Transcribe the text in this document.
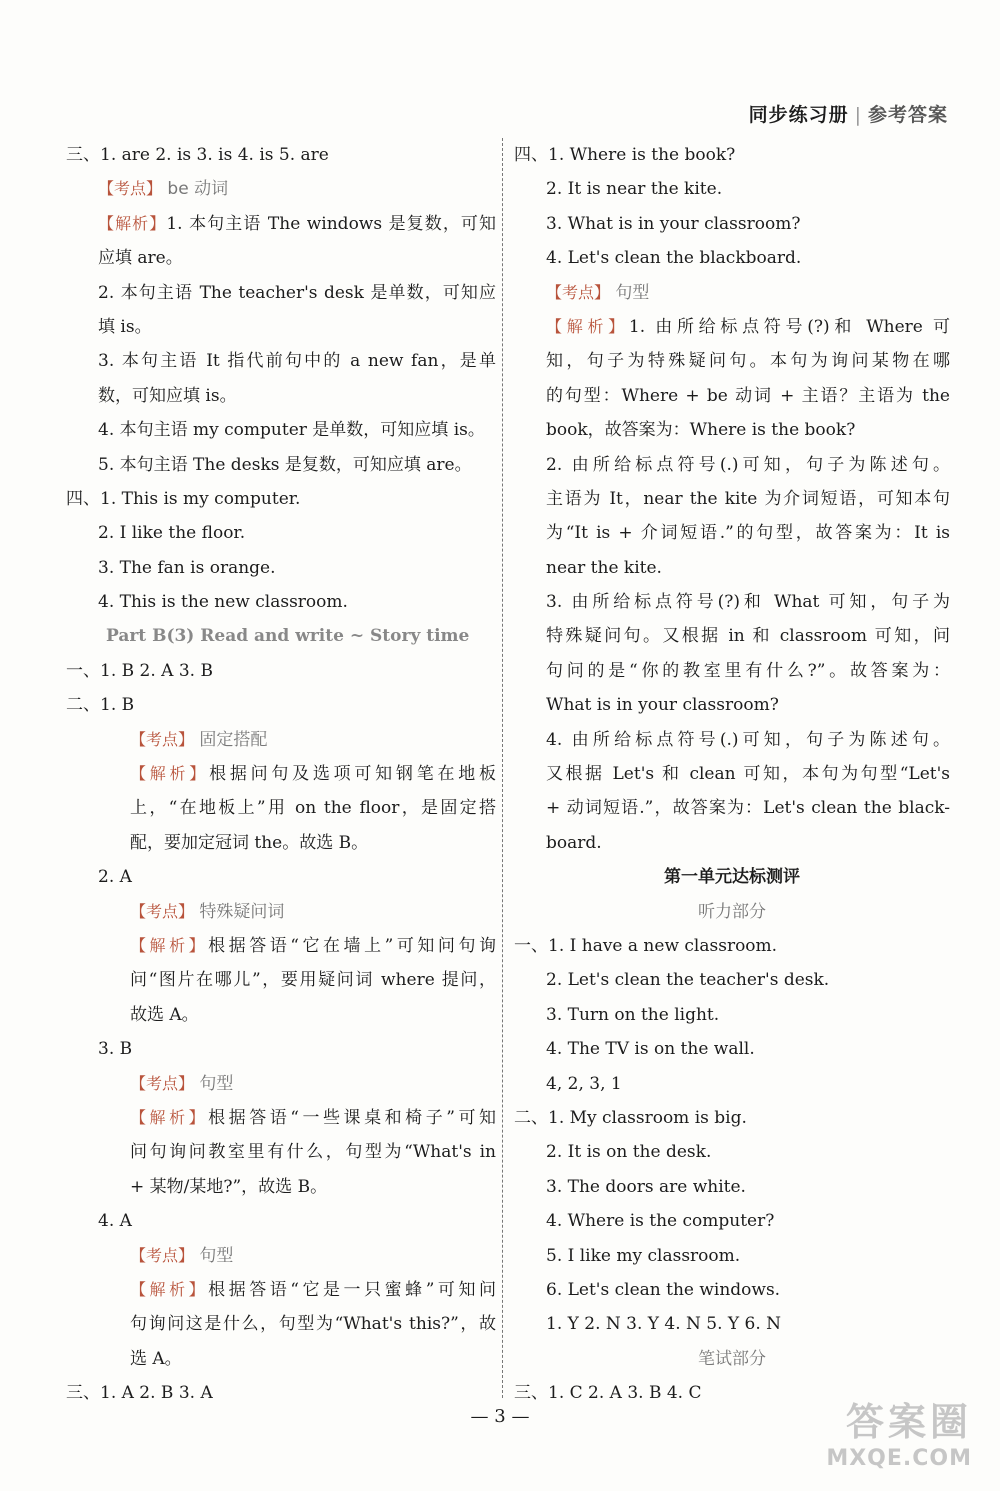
同步练习册 | 参考答案
三、1. are 2. is 3. is 4. is 5. are
【考点】 be 动词
【解析】1. 本句主语 The windows 是复数，可知
应填 are。
2. 本句主语 The teacher's desk 是单数，可知应
填 is。
3. 本句主语 It 指代前句中的 a new fan，是单
数，可知应填 is。
4. 本句主语 my computer 是单数，可知应填 is。
5. 本句主语 The desks 是复数，可知应填 are。
四、1. This is my computer.
2. I like the floor.
3. The fan is orange.
4. This is the new classroom.
Part B(3) Read and write ~ Story time
一、1. B 2. A 3. B
二、1. B
【考点】 固定搭配
【解析】根据问句及选项可知钢笔在地板
上，“在地板上”用 on the floor，是固定搭
配，要加定冠词 the。故选 B。
2. A
【考点】 特殊疑问词
【解析】根据答语“它在墙上”可知问句询
问“图片在哪儿”，要用疑问词 where 提问，
故选 A。
3. B
【考点】 句型
【解析】根据答语“一些课桌和椅子”可知
问句询问教室里有什么，句型为“What's in
+ 某物/某地?”，故选 B。
4. A
【考点】 句型
【解析】根据答语“它是一只蜜蜂”可知问
句询问这是什么，句型为“What's this?”，故
选 A。
三、1. A 2. B 3. A
四、1. Where is the book?
2. It is near the kite.
3. What is in your classroom?
4. Let's clean the blackboard.
【考点】 句型
【解析】1. 由所给标点符号(?)和 Where 可
知，句子为特殊疑问句。本句为询问某物在哪
的句型：Where + be 动词 + 主语？主语为 the
book，故答案为：Where is the book?
2. 由所给标点符号(.)可知，句子为陈述句。
主语为 It，near the kite 为介词短语，可知本句
为“It is + 介词短语.”的句型，故答案为：It is
near the kite.
3. 由所给标点符号(?)和 What 可知，句子为
特殊疑问句。又根据 in 和 classroom 可知，问
句问的是“你的教室里有什么?”。故答案为：
What is in your classroom?
4. 由所给标点符号(.)可知，句子为陈述句。
又根据 Let's 和 clean 可知，本句为句型“Let's
+ 动词短语.”，故答案为：Let's clean the black-
board.
第一单元达标测评
听力部分
一、1. I have a new classroom.
2. Let's clean the teacher's desk.
3. Turn on the light.
4. The TV is on the wall.
4, 2, 3, 1
二、1. My classroom is big.
2. It is on the desk.
3. The doors are white.
4. Where is the computer?
5. I like my classroom.
6. Let's clean the windows.
1. Y 2. N 3. Y 4. N 5. Y 6. N
笔试部分
三、1. C 2. A 3. B 4. C
— 3 —	答案圈
MXQE.COM
